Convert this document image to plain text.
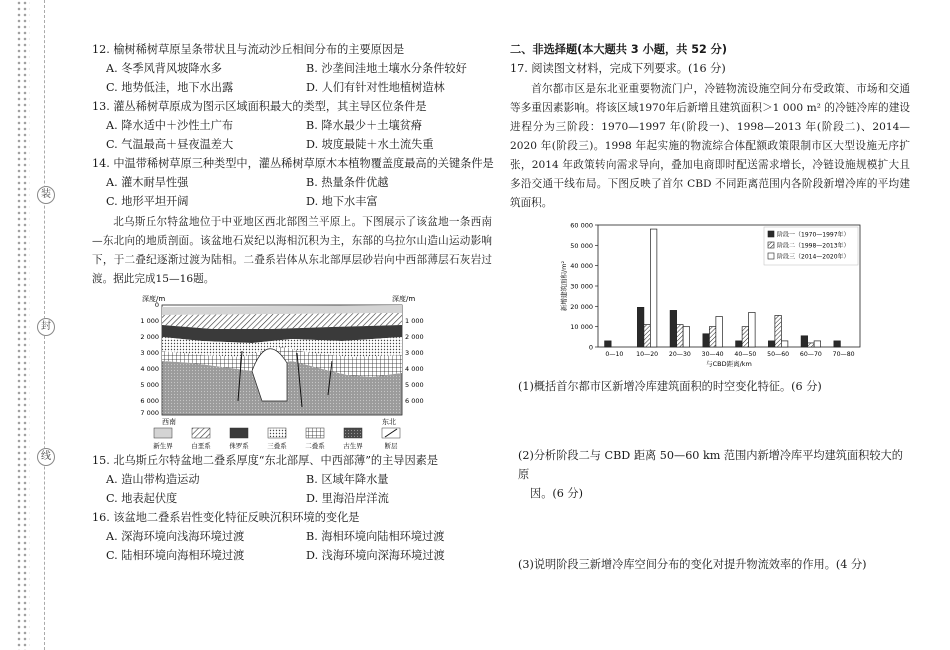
装
封
线

12. 榆树稀树草原呈条带状且与流动沙丘相间分布的主要原因是

A. 冬季风背风坡降水多	B. 沙垄间洼地土壤水分条件较好
C. 地势低洼，地下水出露	D. 人们有针对性地植树造林

13. 灌丛稀树草原成为图示区域面积最大的类型，其主导区位条件是

A. 降水适中＋沙性土广布	B. 降水最少＋土壤贫瘠
C. 气温最高＋昼夜温差大	D. 坡度最陡＋水土流失重

14. 中温带稀树草原三种类型中，灌丛稀树草原木本植物覆盖度最高的关键条件是

A. 灌木耐旱性强	B. 热量条件优越
C. 地形平坦开阔	D. 地下水丰富

北乌斯丘尔特盆地位于中亚地区西北部图兰平原上。下图展示了该盆地一条西南—东北向的地质剖面。该盆地石炭纪以海相沉积为主，东部的乌拉尔山造山运动影响下，于二叠纪逐渐过渡为陆相。二叠系岩体从东北部厚层砂岩向中西部薄层石灰岩过渡。据此完成15—16题。

深度/m	深度/m
0
1 000
2 000
3 000
4 000
5 000
6 000
7 000
1 000
2 000
3 000
4 000
5 000
6 000
西南	东北
新生界	白垩系	侏罗系	三叠系	二叠系	古生界	断层

15. 北乌斯丘尔特盆地二叠系厚度“东北部厚、中西部薄”的主导因素是

A. 造山带构造运动	B. 区域年降水量
C. 地表起伏度	D. 里海沿岸洋流

16. 该盆地二叠系岩性变化特征反映沉积环境的变化是

A. 深海环境向浅海环境过渡	B. 海相环境向陆相环境过渡
C. 陆相环境向海相环境过渡	D. 浅海环境向深海环境过渡

二、非选择题(本大题共 3 小题，共 52 分)

17. 阅读图文材料，完成下列要求。(16 分)

首尔都市区是东北亚重要物流门户，冷链物流设施空间分布受政策、市场和交通等多重因素影响。将该区域1970年后新增且建筑面积＞1 000 m² 的冷链冷库的建设进程分为三阶段：1970—1997 年(阶段一)、1998—2013 年(阶段二)、2014—2020 年(阶段三)。1998 年起实施的物流综合体配额政策限制市区大型设施无序扩张，2014 年政策转向需求导向，叠加电商即时配送需求增长，冷链设施规模扩大且多沿交通干线布局。下图反映了首尔 CBD 不同距离范围内各阶段新增冷库的平均建筑面积。

0
10 000
20 000
30 000
40 000
50 000
60 000
新增建筑面积/m²
0—10 10—20 20—30 30—40 40—50 50—60 60—70 70—80
与CBD距离/km
阶段一（1970—1997年）
阶段二（1998—2013年）
阶段三（2014—2020年）

(1)概括首尔都市区新增冷库建筑面积的时空变化特征。(6 分)

(2)分析阶段二与 CBD 距离 50—60 km 范围内新增冷库平均建筑面积较大的原

因。(6 分)

(3)说明阶段三新增冷库空间分布的变化对提升物流效率的作用。(4 分)
